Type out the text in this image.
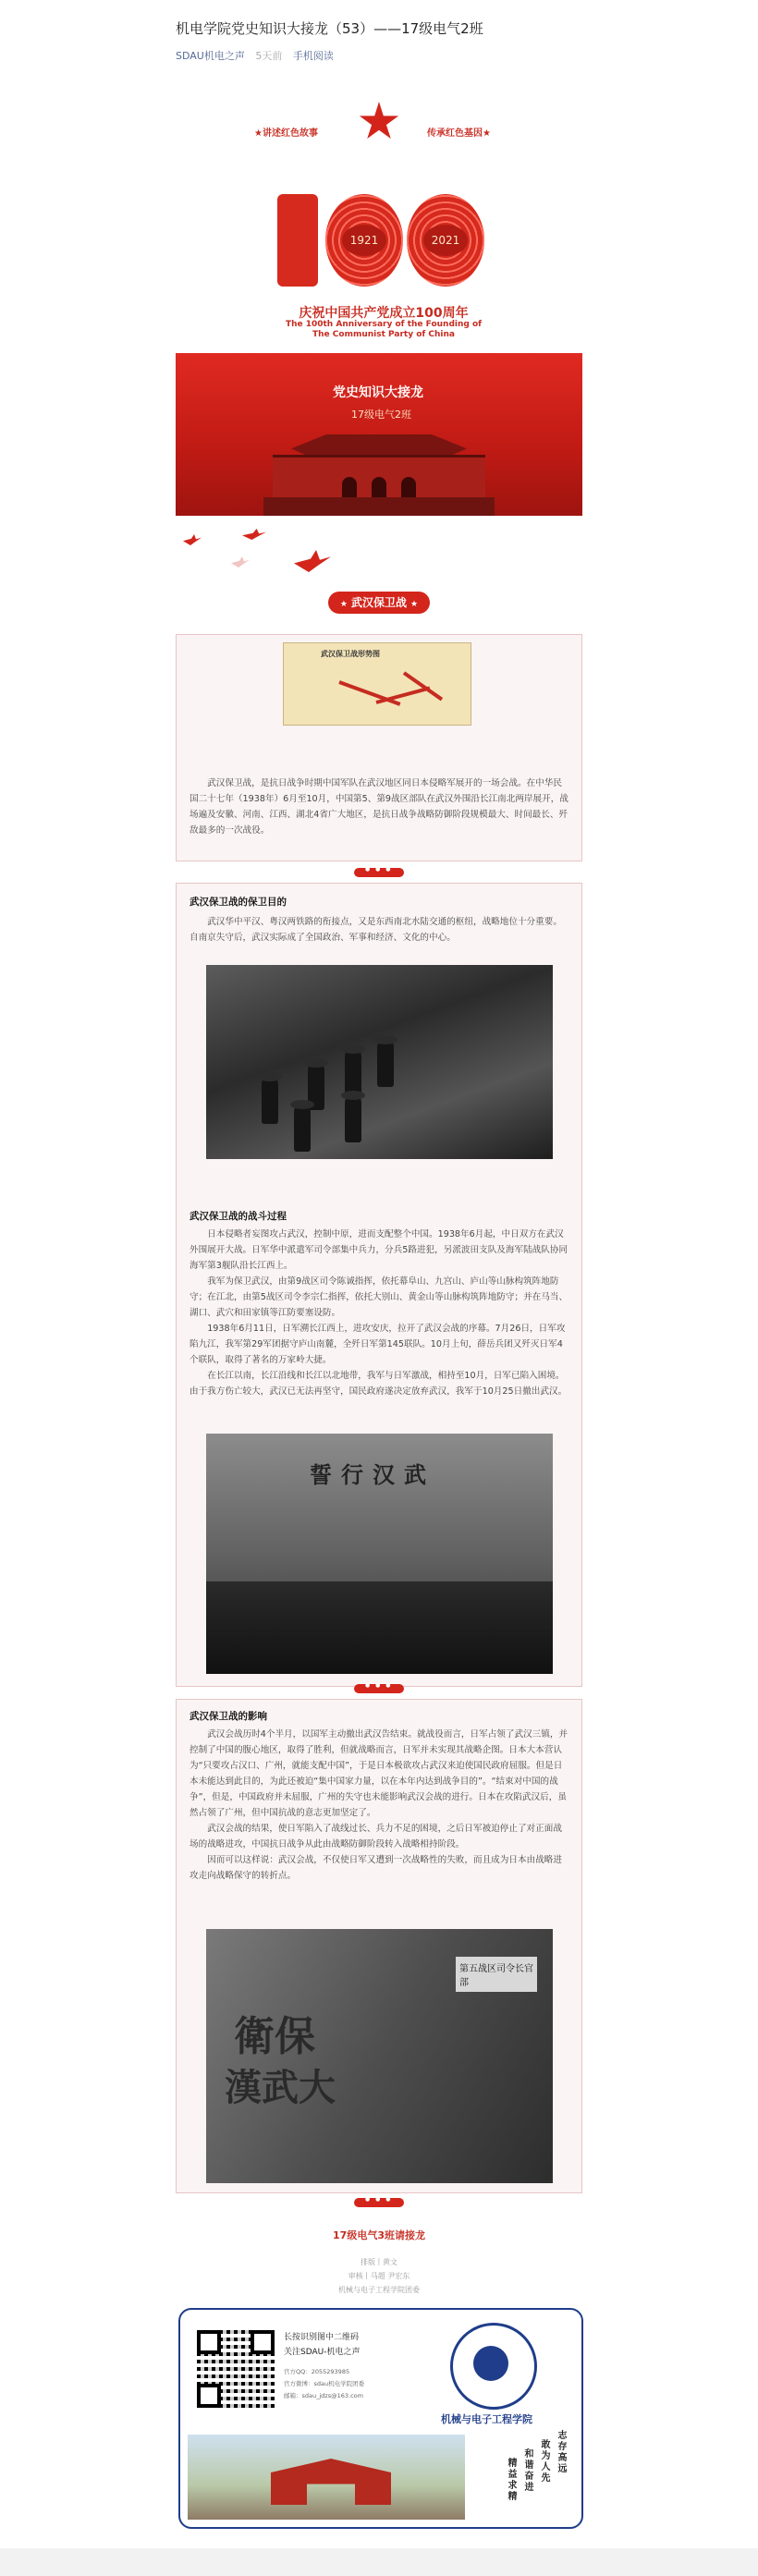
机电学院党史知识大接龙（53）——17级电气2班
SDAU机电之声 5天前 手机阅读
★讲述红色故事	传承红色基因★
1921	2021
庆祝中国共产党成立100周年
The 100th Anniversary of the Founding of
The Communist Party of China
党史知识大接龙
17级电气2班
★ 武汉保卫战 ★
武汉保卫战形势图

武汉保卫战，是抗日战争时期中国军队在武汉地区同日本侵略军展开的一场会战。在中华民国二十七年（1938年）6月至10月，中国第5、第9战区部队在武汉外围沿长江南北两岸展开，战场遍及安徽、河南、江西、湖北4省广大地区，是抗日战争战略防御阶段规模最大、时间最长、歼敌最多的一次战役。

● ● ●
武汉保卫战的保卫目的

武汉华中平汉、粤汉两铁路的衔接点，又是东西南北水陆交通的枢纽，战略地位十分重要。自南京失守后，武汉实际成了全国政治、军事和经济、文化的中心。

武汉保卫战的战斗过程

日本侵略者妄图攻占武汉，控制中原，进而支配整个中国。1938年6月起，中日双方在武汉外围展开大战。日军华中派遣军司令部集中兵力，分兵5路进犯，另派波田支队及海军陆战队协同海军第3舰队沿长江西上。

我军为保卫武汉，由第9战区司令陈诚指挥，依托幕阜山、九宫山、庐山等山脉构筑阵地防守；在江北，由第5战区司令李宗仁指挥，依托大别山、黄金山等山脉构筑阵地防守；并在马当、湖口、武穴和田家镇等江防要塞设防。

1938年6月11日，日军溯长江西上，进攻安庆，拉开了武汉会战的序幕。7月26日，日军攻陷九江，我军第29军团据守庐山南麓，全歼日军第145联队。10月上旬，薛岳兵团又歼灭日军4个联队，取得了著名的万家岭大捷。

在长江以南，长江沿线和长江以北地带，我军与日军激战，相持至10月，日军已陷入困境。由于我方伤亡较大，武汉已无法再坚守，国民政府遂决定放弃武汉，我军于10月25日撤出武汉。

誓行汉武
● ● ●
武汉保卫战的影响

武汉会战历时4个半月，以国军主动撤出武汉告结束。就战役而言，日军占领了武汉三镇，并控制了中国的腹心地区，取得了胜利，但就战略而言，日军并未实现其战略企图。日本大本营认为“只要攻占汉口、广州，就能支配中国”，于是日本极欲攻占武汉来迫使国民政府屈服。但是日本未能达到此目的，为此还被迫“集中国家力量，以在本年内达到战争目的”。“结束对中国的战争”，但是，中国政府并未屈服，广州的失守也未能影响武汉会战的进行。日本在攻陷武汉后，虽然占领了广州，但中国抗战的意志更加坚定了。

武汉会战的结果，使日军陷入了战线过长、兵力不足的困境，之后日军被迫停止了对正面战场的战略进攻，中国抗日战争从此由战略防御阶段转入战略相持阶段。

因而可以这样说：武汉会战，不仅使日军又遭到一次战略性的失败，而且成为日本由战略进攻走向战略保守的转折点。

衛保
漢武大
第五战区司令长官部
● ● ●
17级电气3班请接龙
排版丨黄文
审核丨马超 尹宏东
机械与电子工程学院团委
长按识别图中二维码
关注SDAU-机电之声
官方QQ：2055293985
官方微博：sdau机电学院团委
邮箱：sdau_jdzs@163.com
机械与电子工程学院
志存高远
敢为人先
精益求精 和谐奋进
